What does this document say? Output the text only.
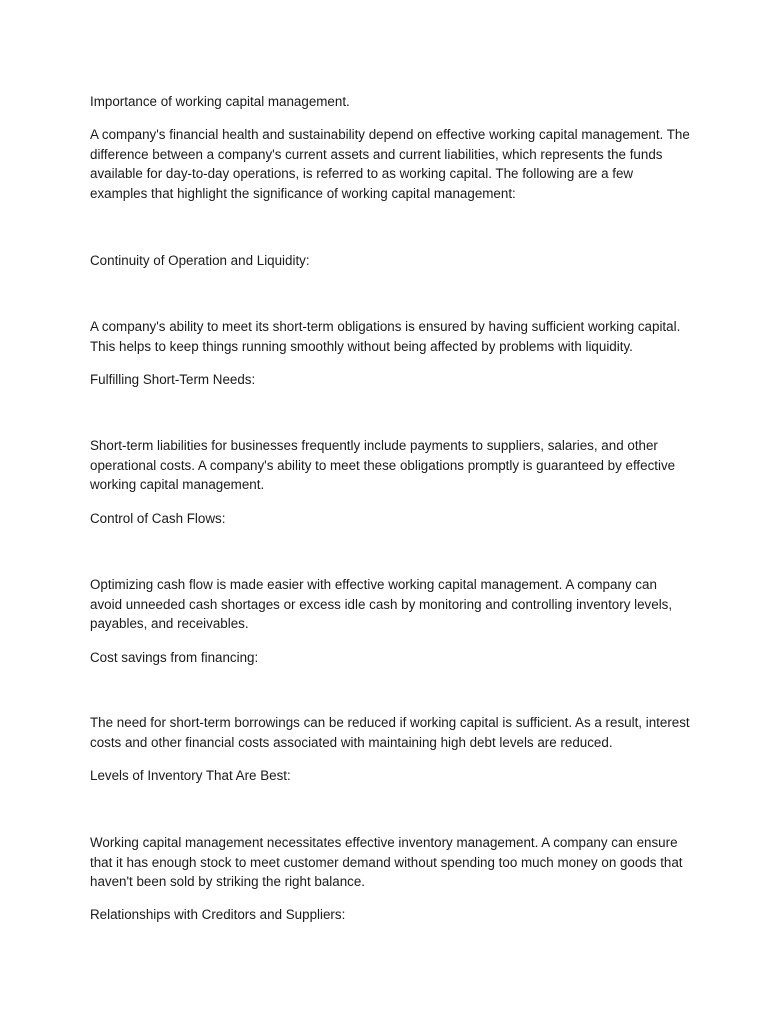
Importance of working capital management.

A company's financial health and sustainability depend on effective working capital management. The difference between a company's current assets and current liabilities, which represents the funds available for day-to-day operations, is referred to as working capital. The following are a few examples that highlight the significance of working capital management:

Continuity of Operation and Liquidity:

A company's ability to meet its short-term obligations is ensured by having sufficient working capital. This helps to keep things running smoothly without being affected by problems with liquidity.

Fulfilling Short-Term Needs:

Short-term liabilities for businesses frequently include payments to suppliers, salaries, and other operational costs. A company's ability to meet these obligations promptly is guaranteed by effective working capital management.

Control of Cash Flows:

Optimizing cash flow is made easier with effective working capital management. A company can avoid unneeded cash shortages or excess idle cash by monitoring and controlling inventory levels, payables, and receivables.

Cost savings from financing:

The need for short-term borrowings can be reduced if working capital is sufficient. As a result, interest costs and other financial costs associated with maintaining high debt levels are reduced.

Levels of Inventory That Are Best:

Working capital management necessitates effective inventory management. A company can ensure that it has enough stock to meet customer demand without spending too much money on goods that haven't been sold by striking the right balance.

Relationships with Creditors and Suppliers:
